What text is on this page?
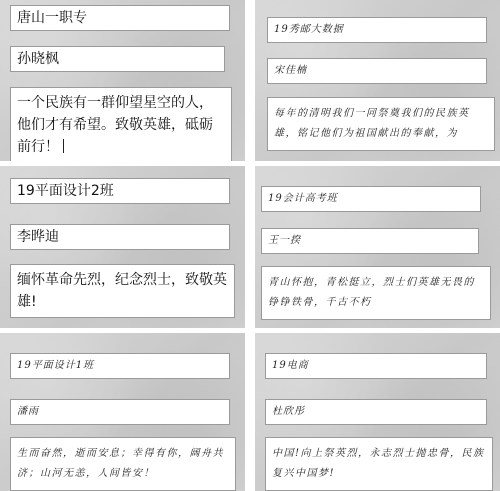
唐山一职专
孙晓枫
一个民族有一群仰望星空的人，他们才有希望。致敬英雄，砥砺前行！
19秀邮大数据
宋佳楠
每年的清明我们一同祭奠我们的民族英雄，铭记他们为祖国献出的奉献，为
19平面设计2班
李晔迪
缅怀革命先烈，纪念烈士，致敬英雄!
19会计高考班
王一揆
青山怀抱，青松挺立，烈士们英雄无畏的铮铮铁骨，千古不朽
19平面设计1班
潘雨
生而奋然，逝而安息；幸得有你，阔舟共济；山河无恙，人间皆安！
19电商
杜欣彤
中国!向上祭英烈，永志烈士抛忠骨，民族复兴中国梦!
